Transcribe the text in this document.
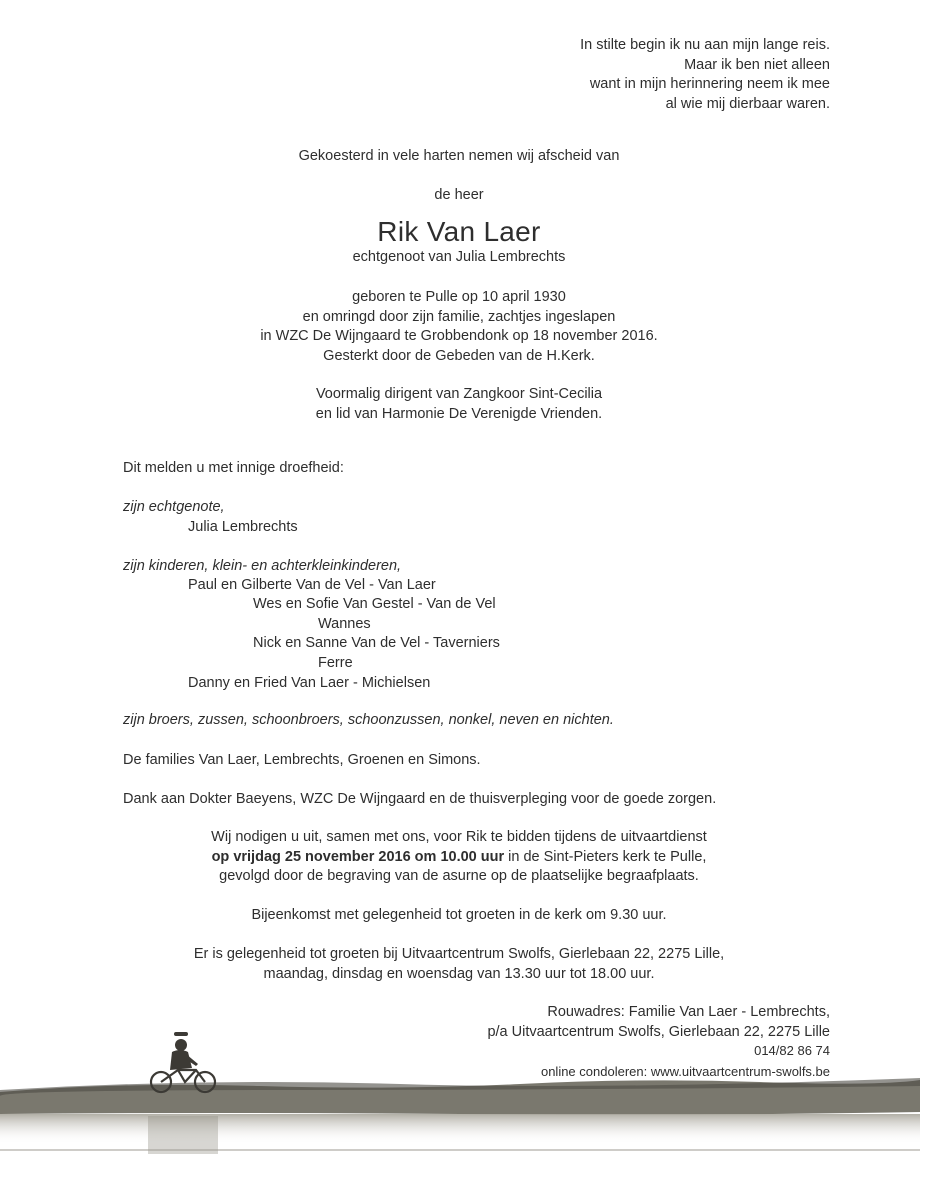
In stilte begin ik nu aan mijn lange reis.
Maar ik ben niet alleen
want in mijn herinnering neem ik mee
al wie mij dierbaar waren.
Gekoesterd in vele harten nemen wij afscheid van
de heer
Rik Van Laer
echtgenoot van Julia Lembrechts
geboren te Pulle op 10 april 1930
en omringd door zijn familie, zachtjes ingeslapen
in WZC De Wijngaard te Grobbendonk op 18 november 2016.
Gesterkt door de Gebeden van de H.Kerk.
Voormalig dirigent van Zangkoor Sint-Cecilia
en lid van Harmonie De Verenigde Vrienden.
Dit melden u met innige droefheid:
zijn echtgenote,
Julia Lembrechts
zijn kinderen, klein- en achterkleinkinderen,
Paul en Gilberte Van de Vel - Van Laer
Wes en Sofie Van Gestel - Van de Vel
Wannes
Nick en Sanne Van de Vel - Taverniers
Ferre
Danny en Fried Van Laer - Michielsen
zijn broers, zussen, schoonbroers, schoonzussen, nonkel, neven en nichten.
De families Van Laer, Lembrechts, Groenen en Simons.
Dank aan Dokter Baeyens, WZC De Wijngaard en de thuisverpleging voor de goede zorgen.
Wij nodigen u uit, samen met ons, voor Rik te bidden tijdens de uitvaartdienst
op vrijdag 25 november 2016 om 10.00 uur in de Sint-Pieters kerk te Pulle,
gevolgd door de begraving van de asurne op de plaatselijke begraafplaats.
Bijeenkomst met gelegenheid tot groeten in de kerk om 9.30 uur.
Er is gelegenheid tot groeten bij Uitvaartcentrum Swolfs, Gierlebaan 22, 2275 Lille,
maandag, dinsdag en woensdag van 13.30 uur tot 18.00 uur.
Rouwadres: Familie Van Laer - Lembrechts,
p/a Uitvaartcentrum Swolfs, Gierlebaan 22, 2275 Lille
014/82 86 74
online condoleren: www.uitvaartcentrum-swolfs.be
